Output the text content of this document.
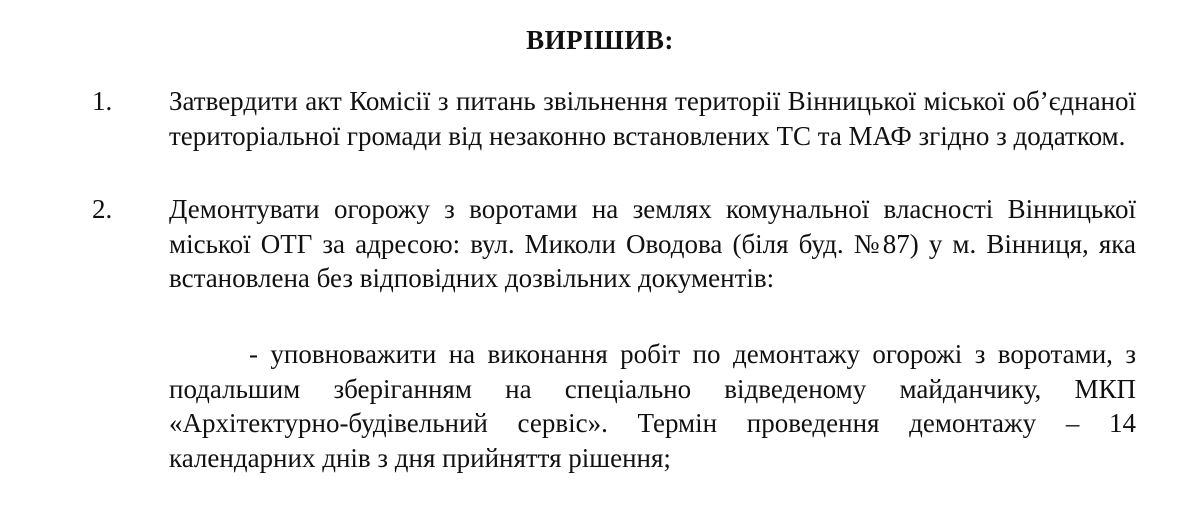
ВИРІШИВ:
1. Затвердити акт Комісії з питань звільнення території Вінницької міської об’єднаної територіальної громади від незаконно встановлених ТС та МАФ згідно з додатком.
2. Демонтувати огорожу з воротами на землях комунальної власності Вінницької міської ОТГ за адресою: вул. Миколи Оводова (біля буд. №87) у м. Вінниця, яка встановлена без відповідних дозвільних документів:
- уповноважити на виконання робіт по демонтажу огорожі з воротами, з подальшим зберіганням на спеціально відведеному майданчику, МКП «Архітектурно-будівельний сервіс». Термін проведення демонтажу – 14 календарних днів з дня прийняття рішення;
